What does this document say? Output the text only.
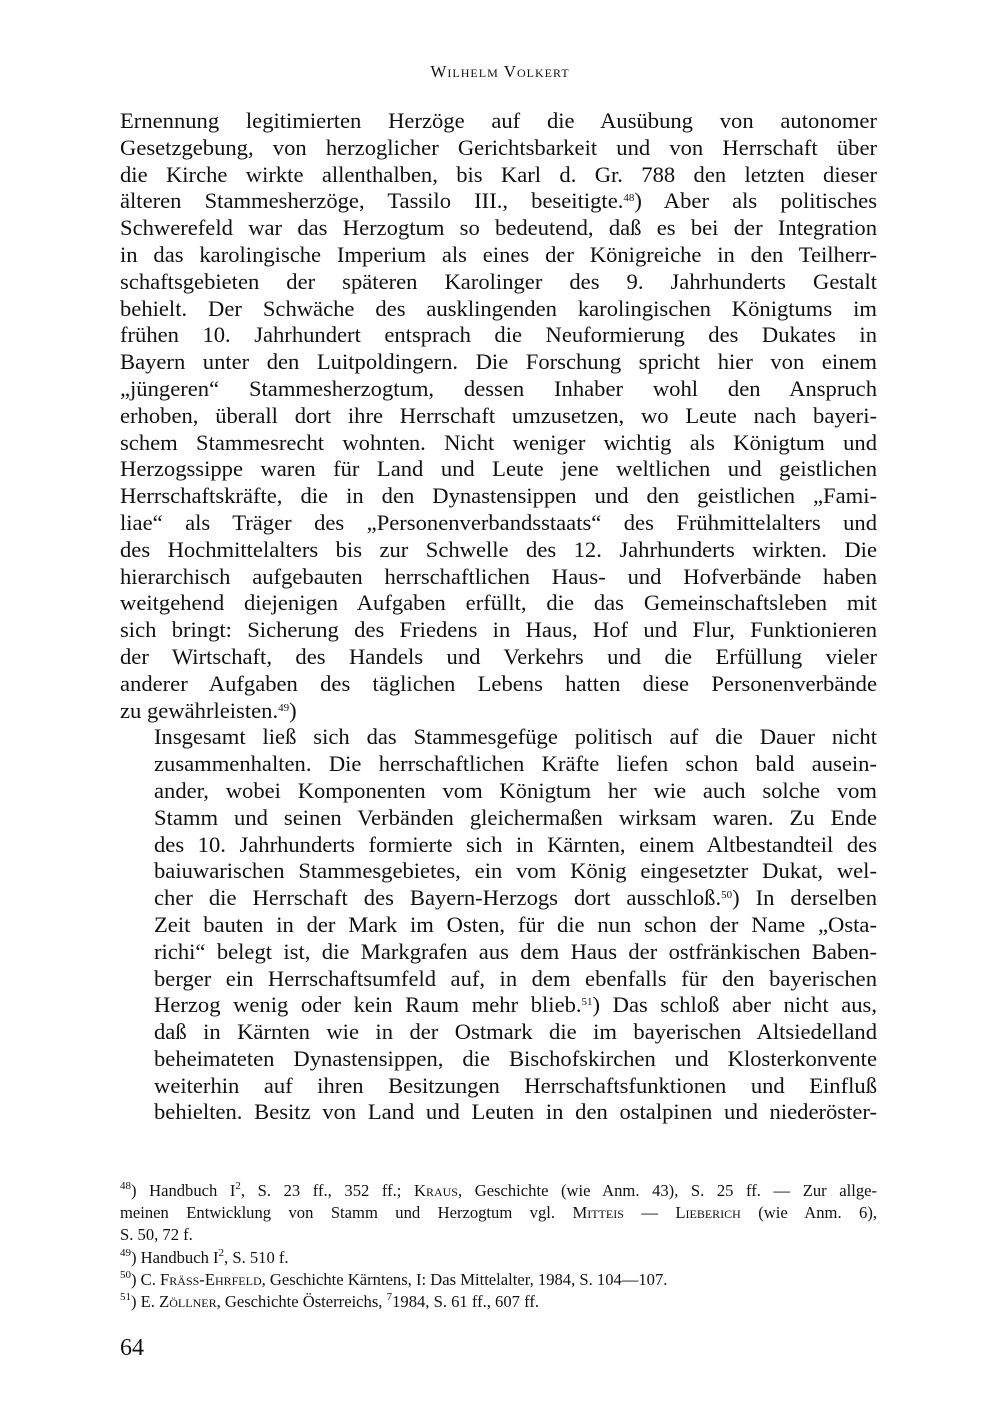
Wilhelm Volkert

Ernennung legitimierten Herzöge auf die Ausübung von autonomer
Gesetzgebung, von herzoglicher Gerichtsbarkeit und von Herrschaft über
die Kirche wirkte allenthalben, bis Karl d. Gr. 788 den letzten dieser
älteren Stammesherzöge, Tassilo III., beseitigte.$^{48}$) Aber als politisches
Schwerefeld war das Herzogtum so bedeutend, daß es bei der Integration
in das karolingische Imperium als eines der Königreiche in den Teilherr-
schaftsgebieten der späteren Karolinger des 9. Jahrhunderts Gestalt
behielt. Der Schwäche des ausklingenden karolingischen Königtums im
frühen 10. Jahrhundert entsprach die Neuformierung des Dukates in
Bayern unter den Luitpoldingern. Die Forschung spricht hier von einem
„jüngeren“ Stammesherzogtum, dessen Inhaber wohl den Anspruch
erhoben, überall dort ihre Herrschaft umzusetzen, wo Leute nach bayeri-
schem Stammesrecht wohnten. Nicht weniger wichtig als Königtum und
Herzogssippe waren für Land und Leute jene weltlichen und geistlichen
Herrschaftskräfte, die in den Dynastensippen und den geistlichen „Fami-
liae“ als Träger des „Personenverbandsstaats“ des Frühmittelalters und
des Hochmittelalters bis zur Schwelle des 12. Jahrhunderts wirkten. Die
hierarchisch aufgebauten herrschaftlichen Haus- und Hofverbände haben
weitgehend diejenigen Aufgaben erfüllt, die das Gemeinschaftsleben mit
sich bringt: Sicherung des Friedens in Haus, Hof und Flur, Funktionieren
der Wirtschaft, des Handels und Verkehrs und die Erfüllung vieler
anderer Aufgaben des täglichen Lebens hatten diese Personenverbände
zu gewährleisten.$^{49}$)

Insgesamt ließ sich das Stammesgefüge politisch auf die Dauer nicht
zusammenhalten. Die herrschaftlichen Kräfte liefen schon bald ausein-
ander, wobei Komponenten vom Königtum her wie auch solche vom
Stamm und seinen Verbänden gleichermaßen wirksam waren. Zu Ende
des 10. Jahrhunderts formierte sich in Kärnten, einem Altbestandteil des
baiuwarischen Stammesgebietes, ein vom König eingesetzter Dukat, wel-
cher die Herrschaft des Bayern-Herzogs dort ausschloß.$^{50}$) In derselben
Zeit bauten in der Mark im Osten, für die nun schon der Name „Osta-
richi“ belegt ist, die Markgrafen aus dem Haus der ostfränkischen Baben-
berger ein Herrschaftsumfeld auf, in dem ebenfalls für den bayerischen
Herzog wenig oder kein Raum mehr blieb.$^{51}$) Das schloß aber nicht aus,
daß in Kärnten wie in der Ostmark die im bayerischen Altsiedelland
beheimateten Dynastensippen, die Bischofskirchen und Klosterkonvente
weiterhin auf ihren Besitzungen Herrschaftsfunktionen und Einfluß
behielten. Besitz von Land und Leuten in den ostalpinen und niederöster-

$^{48}$) Handbuch $I^2$, S. 23 ff., 352 ff.; Kraus, Geschichte (wie Anm. 43), S. 25 ff. — Zur allge-
meinen Entwicklung von Stamm und Herzogtum vgl. Mitteis — Lieberich (wie Anm. 6),
S. 50, 72 f.
$^{49}$) Handbuch $I^2$, S. 510 f.
$^{50}$) C. Fräss-Ehrfeld, Geschichte Kärntens, I: Das Mittelalter, 1984, S. 104—107.
$^{51}$) E. Zöllner, Geschichte Österreichs, $^7$1984, S. 61 ff., 607 ff.
64
